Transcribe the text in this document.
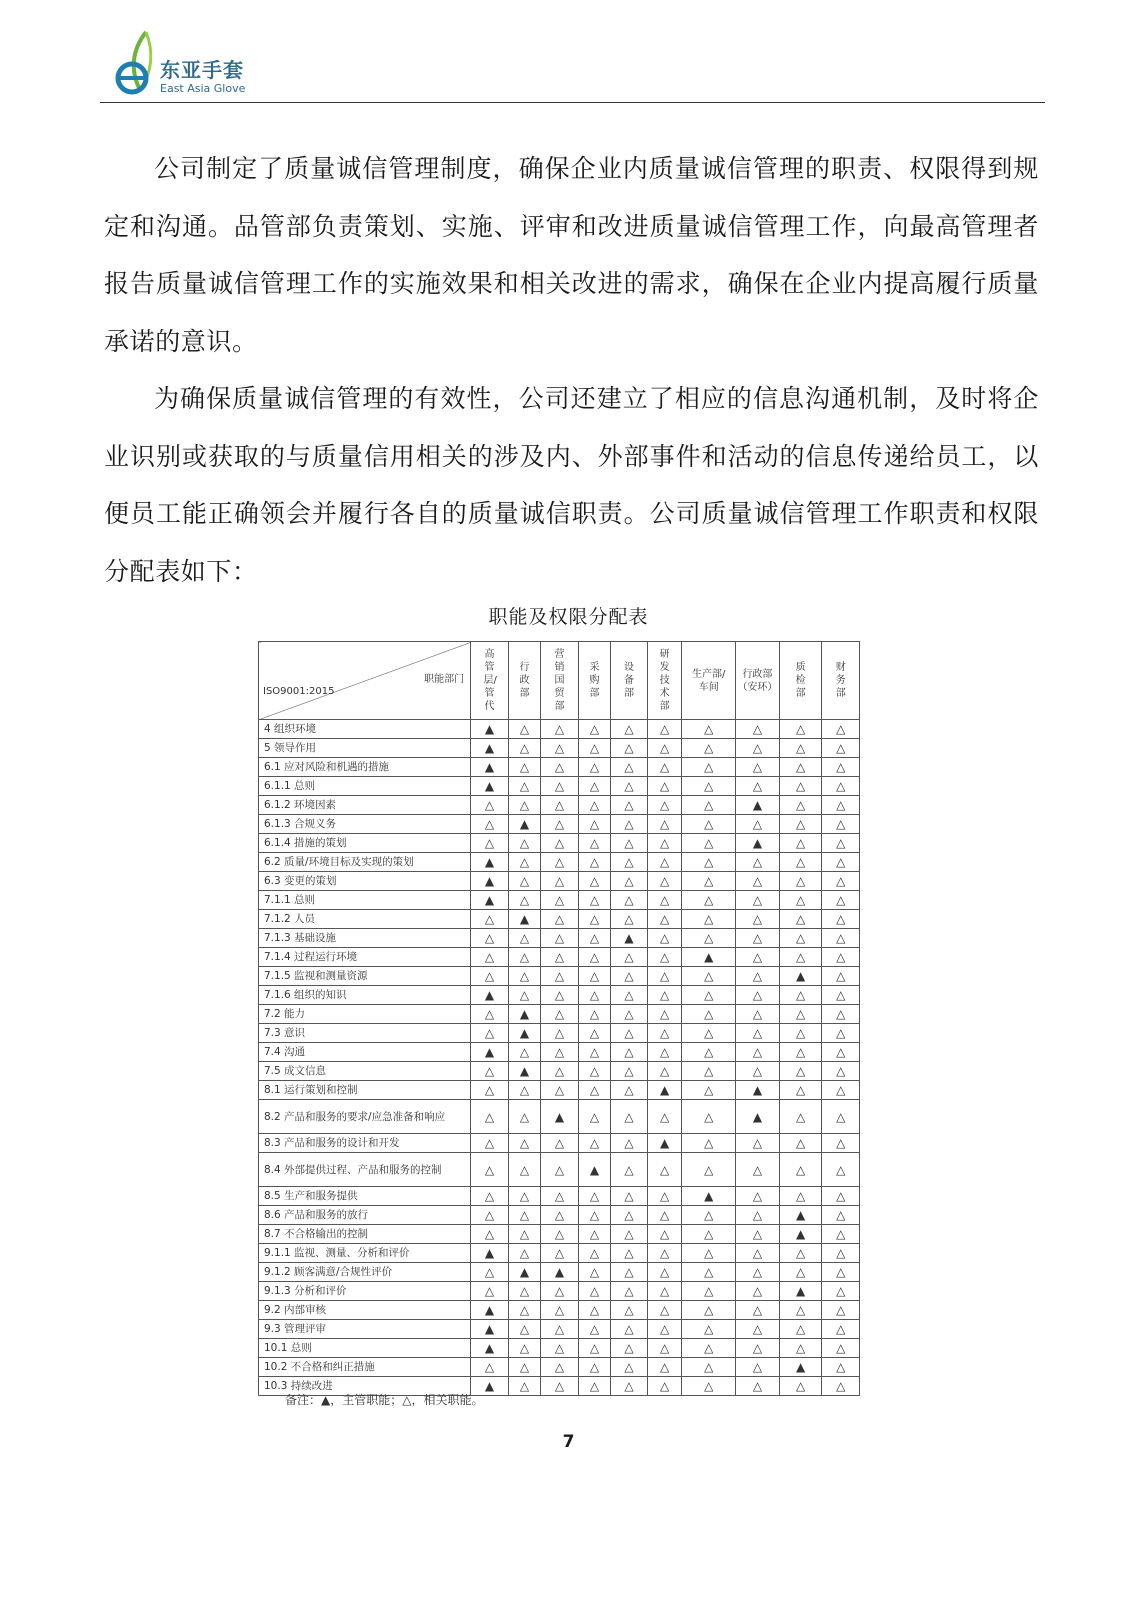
东亚手套
East Asia Glove

公司制定了质量诚信管理制度，确保企业内质量诚信管理的职责、权限得到规定和沟通。品管部负责策划、实施、评审和改进质量诚信管理工作，向最高管理者报告质量诚信管理工作的实施效果和相关改进的需求，确保在企业内提高履行质量承诺的意识。

为确保质量诚信管理的有效性，公司还建立了相应的信息沟通机制，及时将企业识别或获取的与质量信用相关的涉及内、外部事件和活动的信息传递给员工，以便员工能正确领会并履行各自的质量诚信职责。公司质量诚信管理工作职责和权限分配表如下：

职能及权限分配表
职能部门
ISO9001:2015	高管层/管代	行政部	营销国贸部	采购部	设备部	研发技术部	生产部/车间	行政部（安环）	质检部	财务部
4 组织环境	▲	△	△	△	△	△	△	△	△	△
5 领导作用	▲	△	△	△	△	△	△	△	△	△
6.1 应对风险和机遇的措施	▲	△	△	△	△	△	△	△	△	△
6.1.1 总则	▲	△	△	△	△	△	△	△	△	△
6.1.2 环境因素	△	△	△	△	△	△	△	▲	△	△
6.1.3 合规义务	△	▲	△	△	△	△	△	△	△	△
6.1.4 措施的策划	△	△	△	△	△	△	△	▲	△	△
6.2 质量/环境目标及实现的策划	▲	△	△	△	△	△	△	△	△	△
6.3 变更的策划	▲	△	△	△	△	△	△	△	△	△
7.1.1 总则	▲	△	△	△	△	△	△	△	△	△
7.1.2 人员	△	▲	△	△	△	△	△	△	△	△
7.1.3 基础设施	△	△	△	△	▲	△	△	△	△	△
7.1.4 过程运行环境	△	△	△	△	△	△	▲	△	△	△
7.1.5 监视和测量资源	△	△	△	△	△	△	△	△	▲	△
7.1.6 组织的知识	▲	△	△	△	△	△	△	△	△	△
7.2 能力	△	▲	△	△	△	△	△	△	△	△
7.3 意识	△	▲	△	△	△	△	△	△	△	△
7.4 沟通	▲	△	△	△	△	△	△	△	△	△
7.5 成文信息	△	▲	△	△	△	△	△	△	△	△
8.1 运行策划和控制	△	△	△	△	△	▲	△	▲	△	△
8.2 产品和服务的要求/应急准备和响应	△	△	▲	△	△	△	△	▲	△	△
8.3 产品和服务的设计和开发	△	△	△	△	△	▲	△	△	△	△
8.4 外部提供过程、产品和服务的控制	△	△	△	▲	△	△	△	△	△	△
8.5 生产和服务提供	△	△	△	△	△	△	▲	△	△	△
8.6 产品和服务的放行	△	△	△	△	△	△	△	△	▲	△
8.7 不合格输出的控制	△	△	△	△	△	△	△	△	▲	△
9.1.1 监视、测量、分析和评价	▲	△	△	△	△	△	△	△	△	△
9.1.2 顾客满意/合规性评价	△	▲	▲	△	△	△	△	△	△	△
9.1.3 分析和评价	△	△	△	△	△	△	△	△	▲	△
9.2 内部审核	▲	△	△	△	△	△	△	△	△	△
9.3 管理评审	▲	△	△	△	△	△	△	△	△	△
10.1 总则	▲	△	△	△	△	△	△	△	△	△
10.2 不合格和纠正措施	△	△	△	△	△	△	△	△	▲	△
10.3 持续改进	▲	△	△	△	△	△	△	△	△	△
备注：▲，主管职能；△，相关职能。
7
